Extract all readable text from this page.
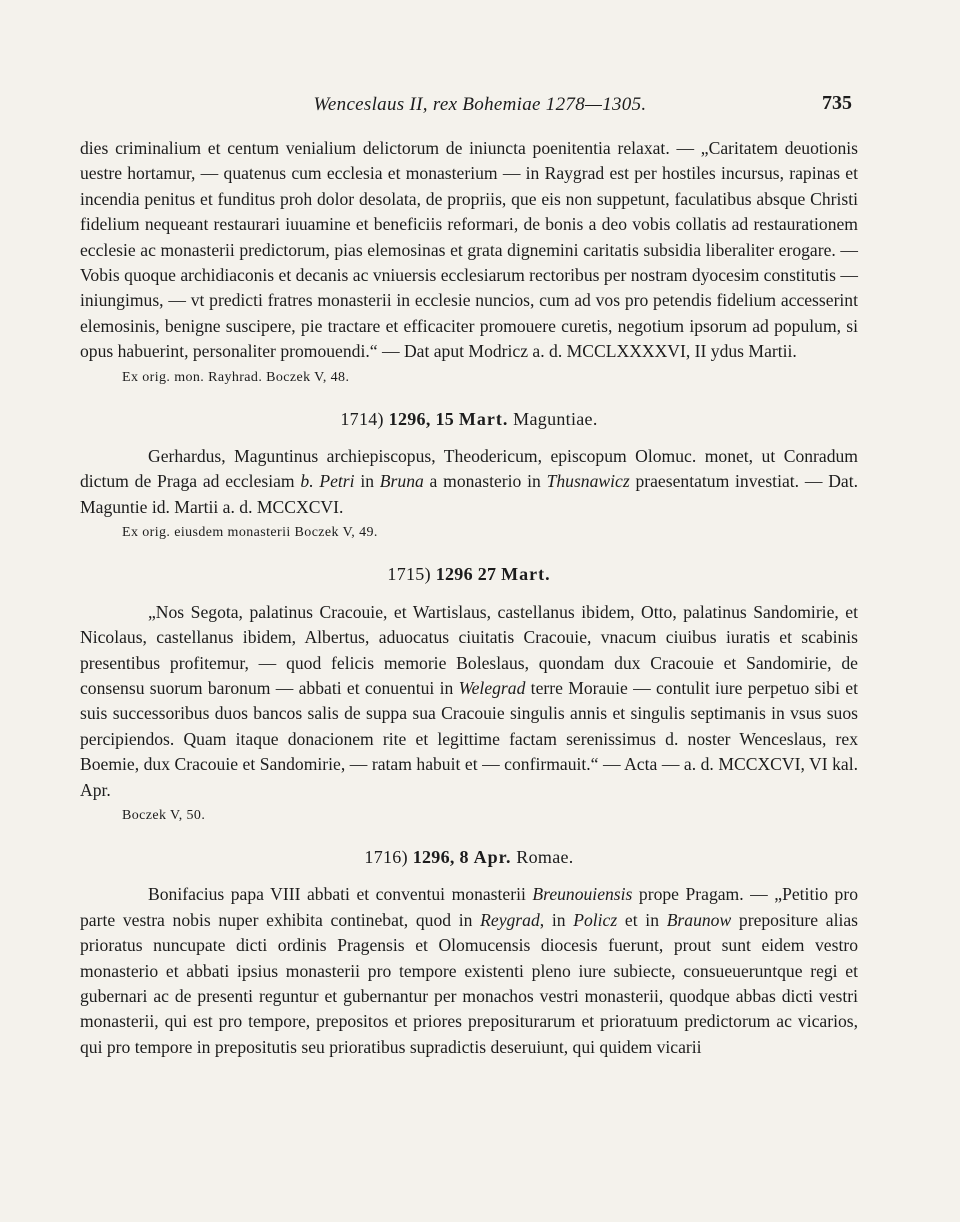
Wenceslaus II, rex Bohemiae 1278—1305.	735

dies criminalium et centum venialium delictorum de iniuncta poenitentia relaxat. — „Caritatem deuotionis uestre hortamur, — quatenus cum ecclesia et monasterium — in Raygrad est per hostiles incursus, rapinas et incendia penitus et funditus proh dolor desolata, de propriis, que eis non suppetunt, faculatibus absque Christi fidelium nequeant restaurari iuuamine et beneficiis reformari, de bonis a deo vobis collatis ad restaurationem ecclesie ac monasterii predictorum, pias elemosinas et grata dignemini caritatis subsidia liberaliter erogare. — Vobis quoque archidiaconis et decanis ac vniuersis ecclesiarum rectoribus per nostram dyocesim constitutis — iniungimus, — vt predicti fratres monasterii in ecclesie nuncios, cum ad vos pro petendis fidelium accesserint elemosinis, benigne suscipere, pie tractare et efficaciter promouere curetis, negotium ipsorum ad populum, si opus habuerint, personaliter promouendi.“ — Dat aput Modricz a. d. MCCLXXXXVI, II ydus Martii.

Ex orig. mon. Rayhrad. Boczek V, 48.

1714) 1296, 15 Mart. Maguntiae.

Gerhardus, Maguntinus archiepiscopus, Theodericum, episcopum Olomuc. monet, ut Conradum dictum de Praga ad ecclesiam b. Petri in Bruna a monasterio in Thusnawicz praesentatum investiat. — Dat. Maguntie id. Martii a. d. MCCXCVI.

Ex orig. eiusdem monasterii Boczek V, 49.

1715) 1296 27 Mart.

„Nos Segota, palatinus Cracouie, et Wartislaus, castellanus ibidem, Otto, palatinus Sandomirie, et Nicolaus, castellanus ibidem, Albertus, aduocatus ciuitatis Cracouie, vnacum ciuibus iuratis et scabinis presentibus profitemur, — quod felicis memorie Boleslaus, quondam dux Cracouie et Sandomirie, de consensu suorum baronum — abbati et conuentui in Welegrad terre Morauie — contulit iure perpetuo sibi et suis successoribus duos bancos salis de suppa sua Cracouie singulis annis et singulis septimanis in vsus suos percipiendos. Quam itaque donacionem rite et legittime factam serenissimus d. noster Wenceslaus, rex Boemie, dux Cracouie et Sandomirie, — ratam habuit et — confirmauit.“ — Acta — a. d. MCCXCVI, VI kal. Apr.

Boczek V, 50.

1716) 1296, 8 Apr. Romae.

Bonifacius papa VIII abbati et conventui monasterii Breunouiensis prope Pragam. — „Petitio pro parte vestra nobis nuper exhibita continebat, quod in Reygrad, in Policz et in Braunow prepositure alias prioratus nuncupate dicti ordinis Pragensis et Olomucensis diocesis fuerunt, prout sunt eidem vestro monasterio et abbati ipsius monasterii pro tempore existenti pleno iure subiecte, consueueruntque regi et gubernari ac de presenti reguntur et gubernantur per monachos vestri monasterii, quodque abbas dicti vestri monasterii, qui est pro tempore, prepositos et priores prepositurarum et prioratuum predictorum ac vicarios, qui pro tempore in prepositutis seu prioratibus supradictis deseruiunt, qui quidem vicarii
